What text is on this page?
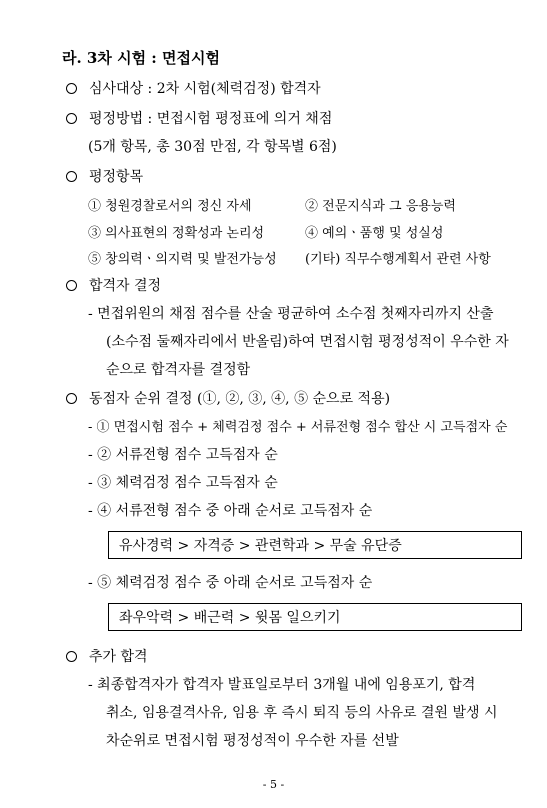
라. 3차 시험 : 면접시험
심사대상 : 2차 시험(체력검정) 합격자
평정방법 : 면접시험 평정표에 의거 채점
(5개 항목, 총 30점 만점, 각 항목별 6점)
평정항목
① 청원경찰로서의 정신 자세	② 전문지식과 그 응용능력
③ 의사표현의 정확성과 논리성	④ 예의ㆍ품행 및 성실성
⑤ 창의력ㆍ의지력 및 발전가능성 (기타) 직무수행계획서 관련 사항
합격자 결정
- 면접위원의 채점 점수를 산술 평균하여 소수점 첫째자리까지 산출
(소수점 둘째자리에서 반올림)하여 면접시험 평정성적이 우수한 자
순으로 합격자를 결정함
동점자 순위 결정 (①, ②, ③, ④, ⑤ 순으로 적용)
- ① 면접시험 점수 + 체력검정 점수 + 서류전형 점수 합산 시 고득점자 순
- ② 서류전형 점수 고득점자 순
- ③ 체력검정 점수 고득점자 순
- ④ 서류전형 점수 중 아래 순서로 고득점자 순
유사경력 > 자격증 > 관련학과 > 무술 유단증
- ⑤ 체력검정 점수 중 아래 순서로 고득점자 순
좌우악력 > 배근력 > 윗몸 일으키기
추가 합격
- 최종합격자가 합격자 발표일로부터 3개월 내에 임용포기, 합격
취소, 임용결격사유, 임용 후 즉시 퇴직 등의 사유로 결원 발생 시
차순위로 면접시험 평정성적이 우수한 자를 선발
- 5 -
